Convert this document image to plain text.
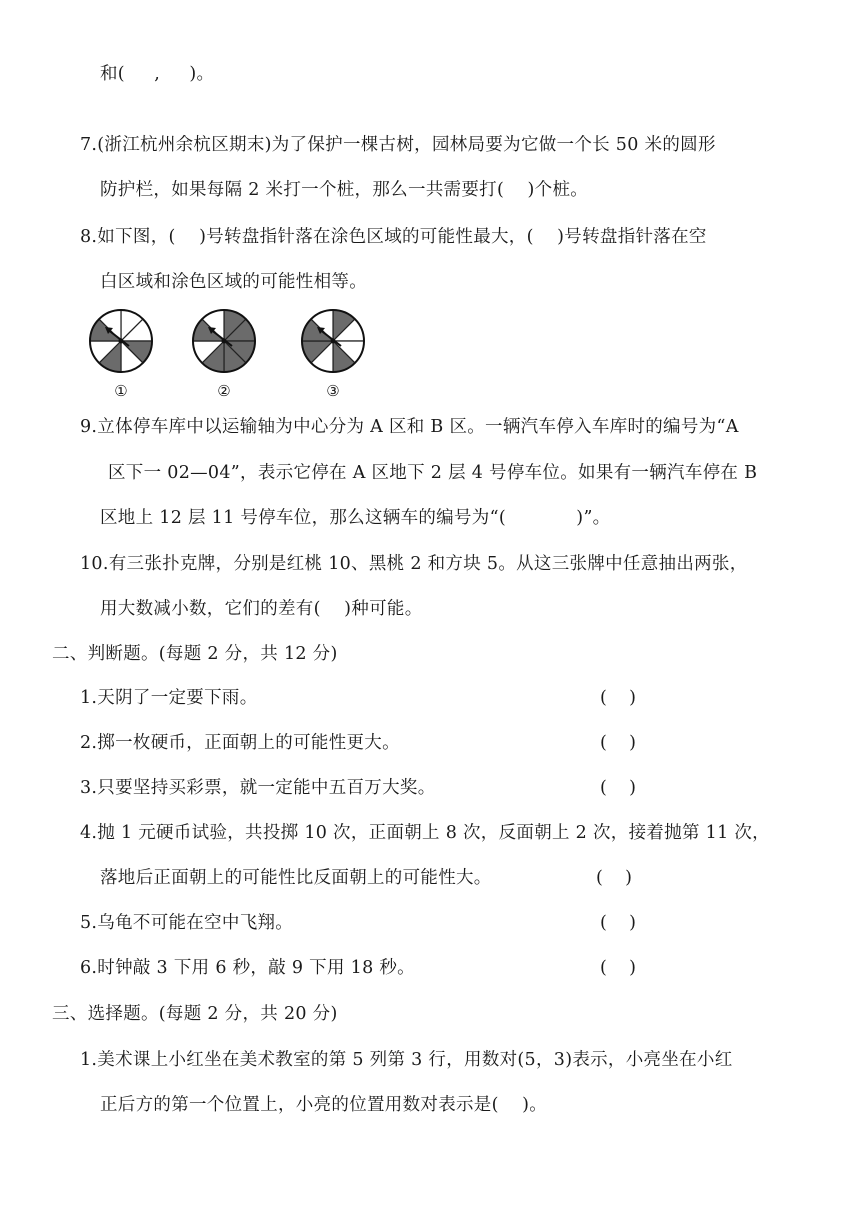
和(     ,     )。
7.(浙江杭州余杭区期末)为了保护一棵古树，园林局要为它做一个长 50 米的圆形
防护栏，如果每隔 2 米打一个桩，那么一共需要打(    )个桩。
8.如下图，(    )号转盘指针落在涂色区域的可能性最大，(    )号转盘指针落在空
白区域和涂色区域的可能性相等。
①	②	③
9.立体停车库中以运输轴为中心分为 A 区和 B 区。一辆汽车停入车库时的编号为“A
区下一 02—04”，表示它停在 A 区地下 2 层 4 号停车位。如果有一辆汽车停在 B
区地上 12 层 11 号停车位，那么这辆车的编号为“(            )”。
10.有三张扑克牌，分别是红桃 10、黑桃 2 和方块 5。从这三张牌中任意抽出两张，
用大数减小数，它们的差有(    )种可能。
二、判断题。(每题 2 分，共 12 分)
1.天阴了一定要下雨。	(    )
2.掷一枚硬币，正面朝上的可能性更大。	(    )
3.只要坚持买彩票，就一定能中五百万大奖。	(    )
4.抛 1 元硬币试验，共投掷 10 次，正面朝上 8 次，反面朝上 2 次，接着抛第 11 次，
落地后正面朝上的可能性比反面朝上的可能性大。	(    )
5.乌龟不可能在空中飞翔。	(    )
6.时钟敲 3 下用 6 秒，敲 9 下用 18 秒。	(    )
三、选择题。(每题 2 分，共 20 分)
1.美术课上小红坐在美术教室的第 5 列第 3 行，用数对(5，3)表示，小亮坐在小红
正后方的第一个位置上，小亮的位置用数对表示是(    )。
